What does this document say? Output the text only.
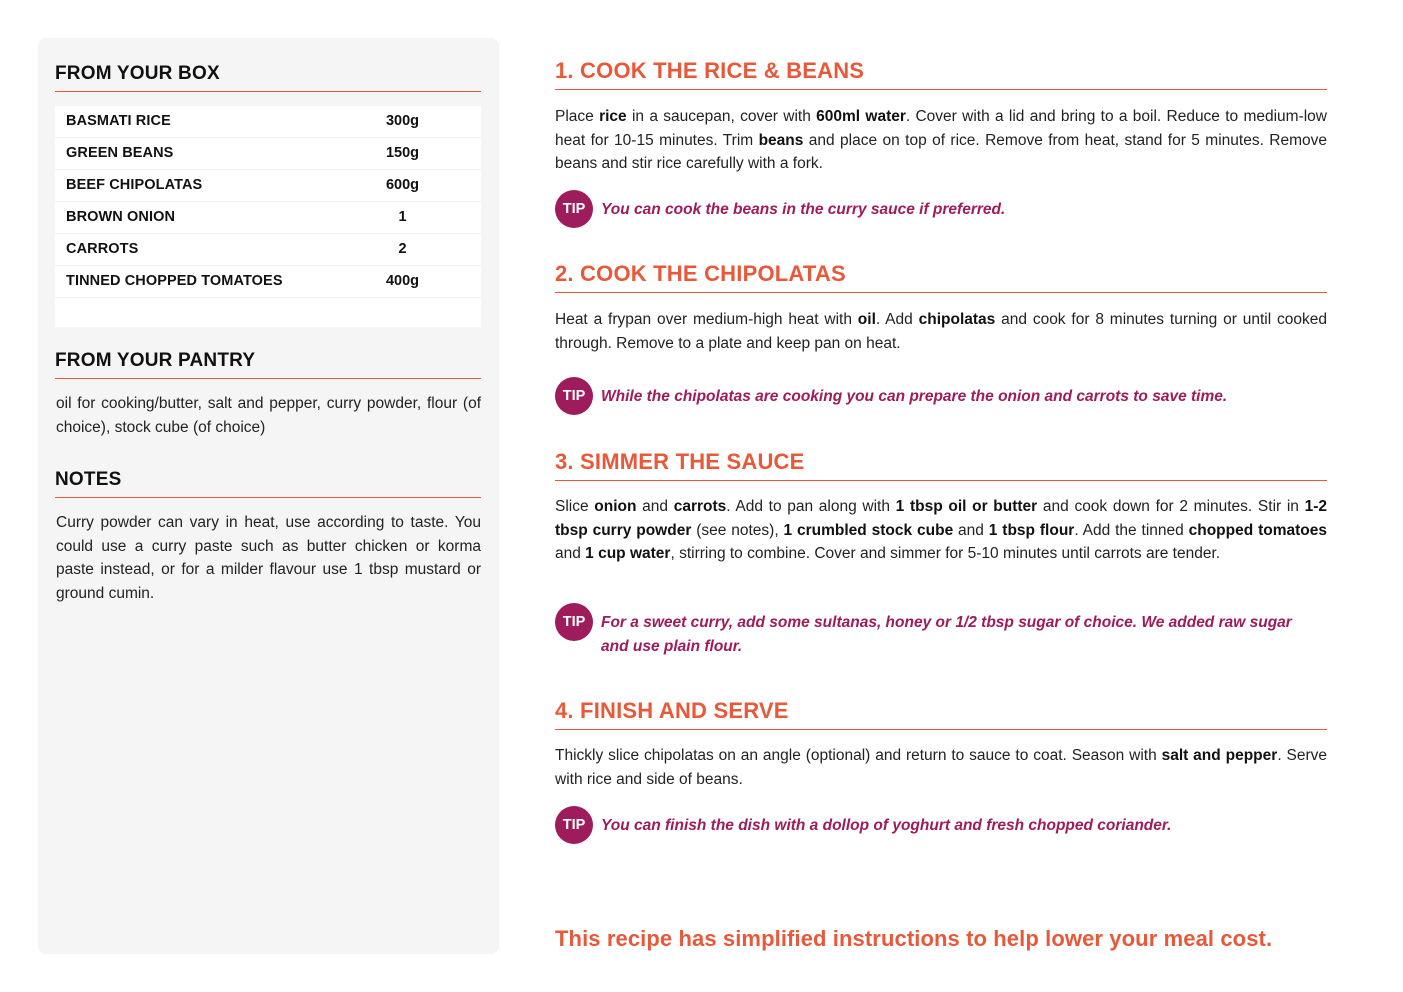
FROM YOUR BOX
BASMATI RICE	300g
GREEN BEANS	150g
BEEF CHIPOLATAS	600g
BROWN ONION	1
CARROTS	2
TINNED CHOPPED TOMATOES	400g
FROM YOUR PANTRY
oil for cooking/butter, salt and pepper, curry powder, flour (of choice), stock cube (of choice)
NOTES
Curry powder can vary in heat, use according to taste. You could use a curry paste such as butter chicken or korma paste instead, or for a milder flavour use 1 tbsp mustard or ground cumin.
1. COOK THE RICE & BEANS
Place rice in a saucepan, cover with 600ml water. Cover with a lid and bring to a boil. Reduce to medium-low heat for 10-15 minutes. Trim beans and place on top of rice. Remove from heat, stand for 5 minutes. Remove beans and stir rice carefully with a fork.
TIP	You can cook the beans in the curry sauce if preferred.
2. COOK THE CHIPOLATAS
Heat a frypan over medium-high heat with oil. Add chipolatas and cook for 8 minutes turning or until cooked through. Remove to a plate and keep pan on heat.
TIP	While the chipolatas are cooking you can prepare the onion and carrots to save time.
3. SIMMER THE SAUCE
Slice onion and carrots. Add to pan along with 1 tbsp oil or butter and cook down for 2 minutes. Stir in 1-2 tbsp curry powder (see notes), 1 crumbled stock cube and 1 tbsp flour. Add the tinned chopped tomatoes and 1 cup water, stirring to combine. Cover and simmer for 5-10 minutes until carrots are tender.
TIP	For a sweet curry, add some sultanas, honey or 1/2 tbsp sugar of choice. We added raw sugar and use plain flour.
4. FINISH AND SERVE
Thickly slice chipolatas on an angle (optional) and return to sauce to coat. Season with salt and pepper. Serve with rice and side of beans.
TIP	You can finish the dish with a dollop of yoghurt and fresh chopped coriander.
This recipe has simplified instructions to help lower your meal cost.
